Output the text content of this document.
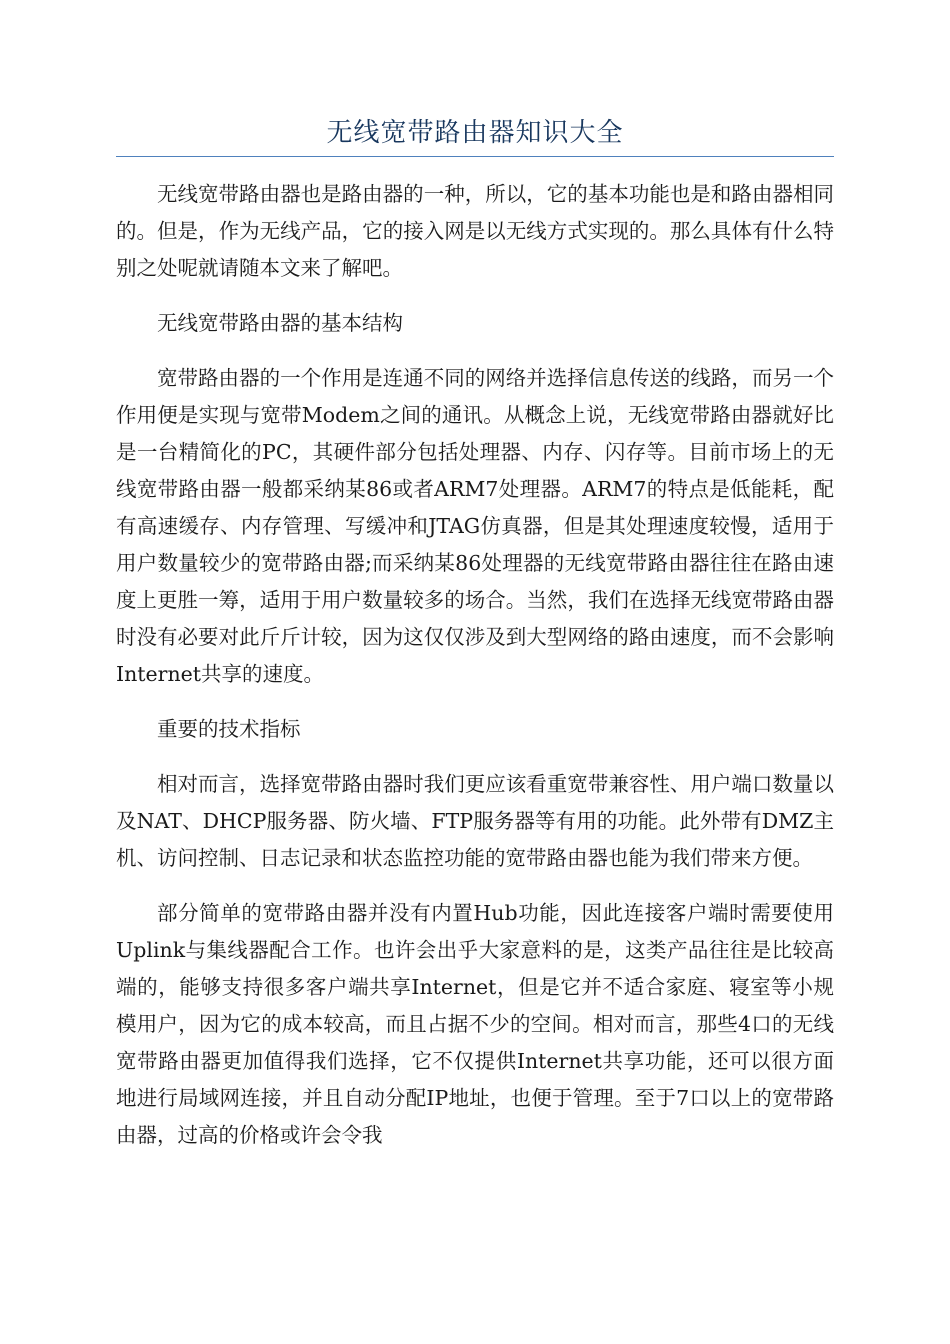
无线宽带路由器知识大全

无线宽带路由器也是路由器的一种，所以，它的基本功能也是和路由器相同的。但是，作为无线产品，它的接入网是以无线方式实现的。那么具体有什么特别之处呢就请随本文来了解吧。

无线宽带路由器的基本结构

宽带路由器的一个作用是连通不同的网络并选择信息传送的线路，而另一个作用便是实现与宽带Modem之间的通讯。从概念上说，无线宽带路由器就好比是一台精简化的PC，其硬件部分包括处理器、内存、闪存等。目前市场上的无线宽带路由器一般都采纳某86或者ARM7处理器。ARM7的特点是低能耗，配有高速缓存、内存管理、写缓冲和JTAG仿真器，但是其处理速度较慢，适用于用户数量较少的宽带路由器;而采纳某86处理器的无线宽带路由器往往在路由速度上更胜一筹，适用于用户数量较多的场合。当然，我们在选择无线宽带路由器时没有必要对此斤斤计较，因为这仅仅涉及到大型网络的路由速度，而不会影响Internet共享的速度。

重要的技术指标

相对而言，选择宽带路由器时我们更应该看重宽带兼容性、用户端口数量以及NAT、DHCP服务器、防火墙、FTP服务器等有用的功能。此外带有DMZ主机、访问控制、日志记录和状态监控功能的宽带路由器也能为我们带来方便。

部分简单的宽带路由器并没有内置Hub功能，因此连接客户端时需要使用Uplink与集线器配合工作。也许会出乎大家意料的是，这类产品往往是比较高端的，能够支持很多客户端共享Internet，但是它并不适合家庭、寝室等小规模用户，因为它的成本较高，而且占据不少的空间。相对而言，那些4口的无线宽带路由器更加值得我们选择，它不仅提供Internet共享功能，还可以很方面地进行局域网连接，并且自动分配IP地址，也便于管理。至于7口以上的宽带路由器，过高的价格或许会令我
